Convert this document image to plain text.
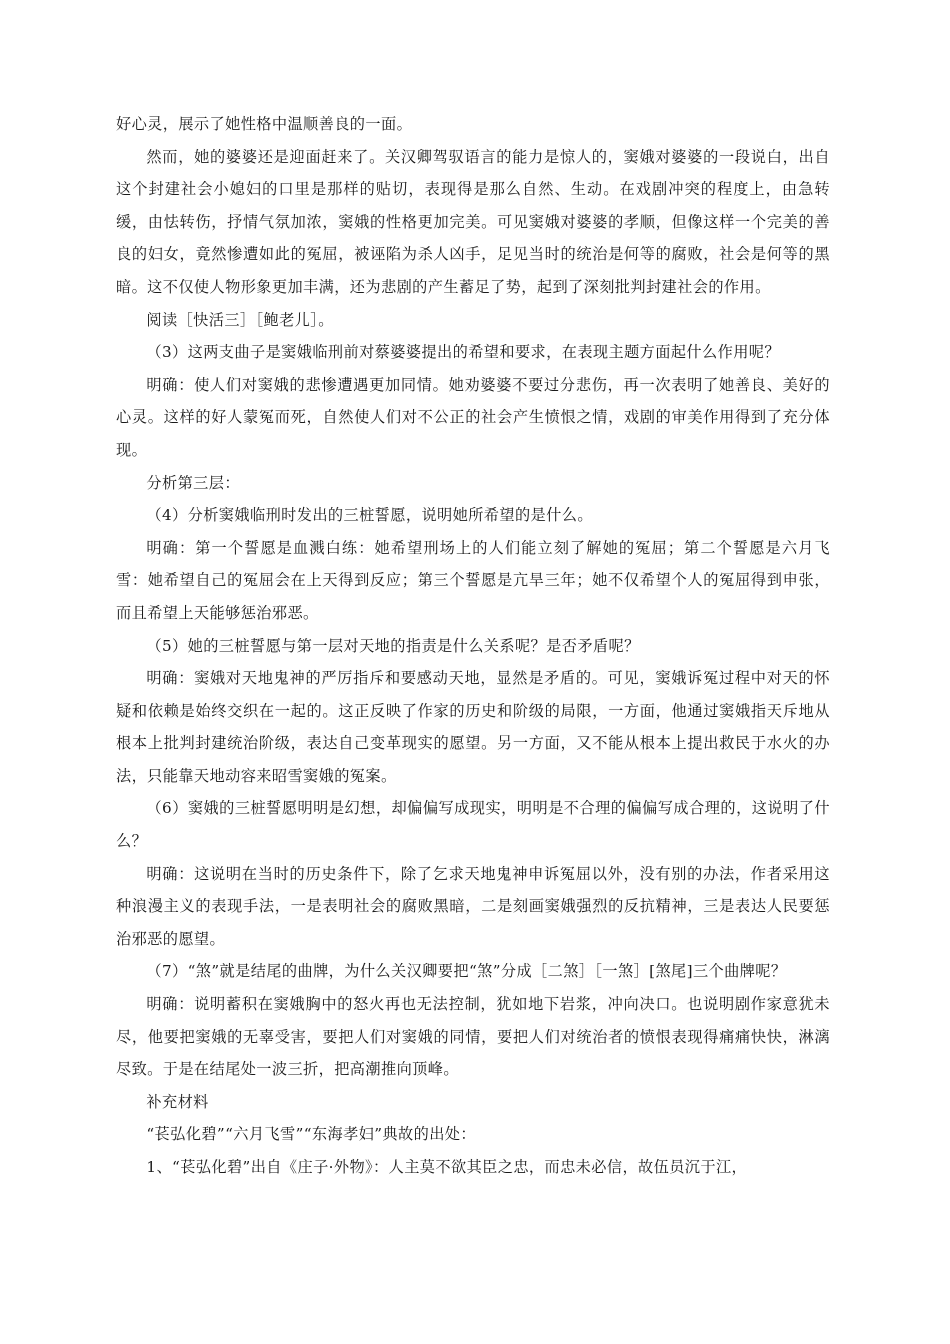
好心灵，展示了她性格中温顺善良的一面。

然而，她的婆婆还是迎面赶来了。关汉卿驾驭语言的能力是惊人的，窦娥对婆婆的一段说白，出自这个封建社会小媳妇的口里是那样的贴切，表现得是那么自然、生动。在戏剧冲突的程度上，由急转缓，由怯转伤，抒情气氛加浓，窦娥的性格更加完美。可见窦娥对婆婆的孝顺，但像这样一个完美的善良的妇女，竟然惨遭如此的冤屈，被诬陷为杀人凶手，足见当时的统治是何等的腐败，社会是何等的黑暗。这不仅使人物形象更加丰满，还为悲剧的产生蓄足了势，起到了深刻批判封建社会的作用。

阅读［快活三］［鲍老儿］。

（3）这两支曲子是窦娥临刑前对蔡婆婆提出的希望和要求，在表现主题方面起什么作用呢？

明确：使人们对窦娥的悲惨遭遇更加同情。她劝婆婆不要过分悲伤，再一次表明了她善良、美好的心灵。这样的好人蒙冤而死，自然使人们对不公正的社会产生愤恨之情，戏剧的审美作用得到了充分体现。

分析第三层：

（4）分析窦娥临刑时发出的三桩誓愿，说明她所希望的是什么。

明确：第一个誓愿是血溅白练：她希望刑场上的人们能立刻了解她的冤屈；第二个誓愿是六月飞雪：她希望自己的冤屈会在上天得到反应；第三个誓愿是亢旱三年；她不仅希望个人的冤屈得到申张，而且希望上天能够惩治邪恶。

（5）她的三桩誓愿与第一层对天地的指责是什么关系呢？是否矛盾呢？

明确：窦娥对天地鬼神的严厉指斥和要感动天地，显然是矛盾的。可见，窦娥诉冤过程中对天的怀疑和依赖是始终交织在一起的。这正反映了作家的历史和阶级的局限，一方面，他通过窦娥指天斥地从根本上批判封建统治阶级，表达自己变革现实的愿望。另一方面，又不能从根本上提出救民于水火的办法，只能靠天地动容来昭雪窦娥的冤案。

（6）窦娥的三桩誓愿明明是幻想，却偏偏写成现实，明明是不合理的偏偏写成合理的，这说明了什么？

明确：这说明在当时的历史条件下，除了乞求天地鬼神申诉冤屈以外，没有别的办法，作者采用这种浪漫主义的表现手法，一是表明社会的腐败黑暗，二是刻画窦娥强烈的反抗精神，三是表达人民要惩治邪恶的愿望。

（7）“煞”就是结尾的曲牌，为什么关汉卿要把“煞”分成［二煞］［一煞］[煞尾]三个曲牌呢？

明确：说明蓄积在窦娥胸中的怒火再也无法控制，犹如地下岩浆，冲向决口。也说明剧作家意犹未尽，他要把窦娥的无辜受害，要把人们对窦娥的同情，要把人们对统治者的愤恨表现得痛痛快快，淋漓尽致。于是在结尾处一波三折，把高潮推向顶峰。

补充材料

“苌弘化碧”“六月飞雪”“东海孝妇”典故的出处：

1、“苌弘化碧”出自《庄子·外物》：人主莫不欲其臣之忠，而忠未必信，故伍员沉于江，
